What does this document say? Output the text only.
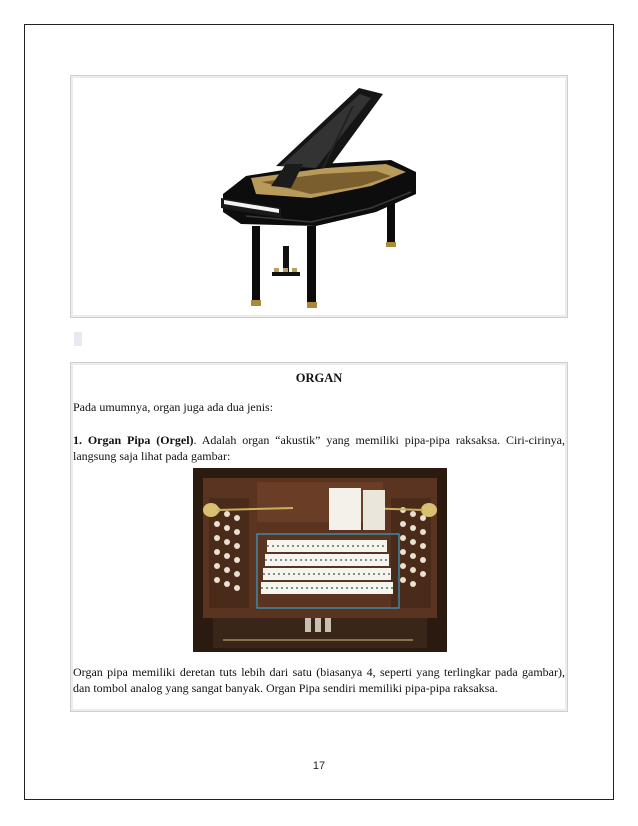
ORGAN

Pada umumnya, organ juga ada dua jenis:

1. Organ Pipa (Orgel). Adalah organ “akustik” yang memiliki pipa-pipa raksaksa. Ciri-cirinya, langsung saja lihat pada gambar:

Organ pipa memiliki deretan tuts lebih dari satu (biasanya 4, seperti yang terlingkar pada gambar), dan tombol analog yang sangat banyak. Organ Pipa sendiri memiliki pipa-pipa raksaksa.

17
